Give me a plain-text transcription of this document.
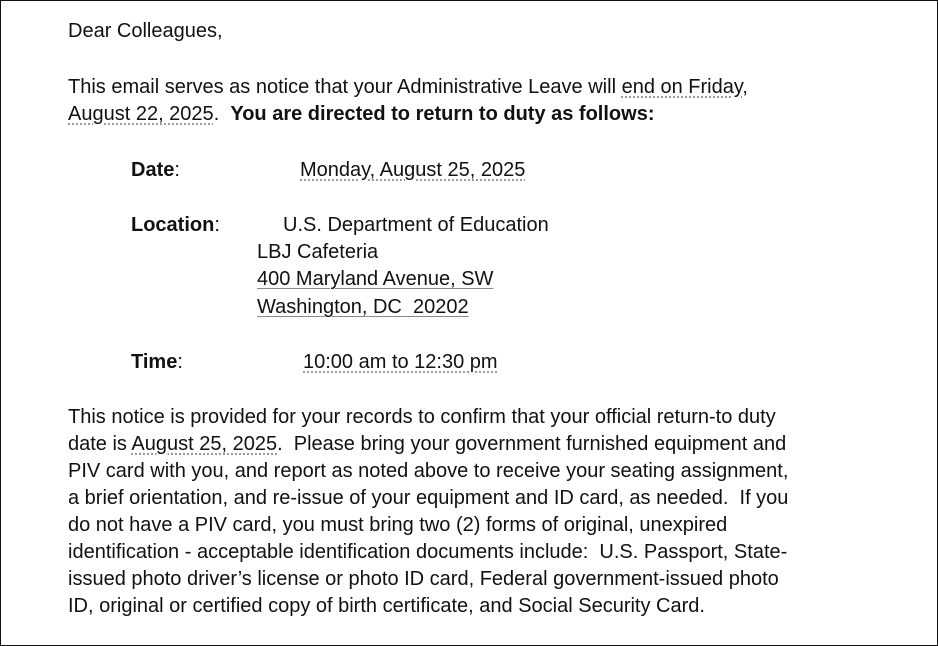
Dear Colleagues,
This email serves as notice that your Administrative Leave will end on Friday,
August 22, 2025.  You are directed to return to duty as follows:
Date:	Monday, August 25, 2025
Location:	U.S. Department of Education
LBJ Cafeteria
400 Maryland Avenue, SW
Washington, DC  20202
Time:	10:00 am to 12:30 pm
This notice is provided for your records to confirm that your official return-to duty
date is August 25, 2025.  Please bring your government furnished equipment and
PIV card with you, and report as noted above to receive your seating assignment,
a brief orientation, and re-issue of your equipment and ID card, as needed.  If you
do not have a PIV card, you must bring two (2) forms of original, unexpired
identification - acceptable identification documents include:  U.S. Passport, State-
issued photo driver’s license or photo ID card, Federal government-issued photo
ID, original or certified copy of birth certificate, and Social Security Card.
